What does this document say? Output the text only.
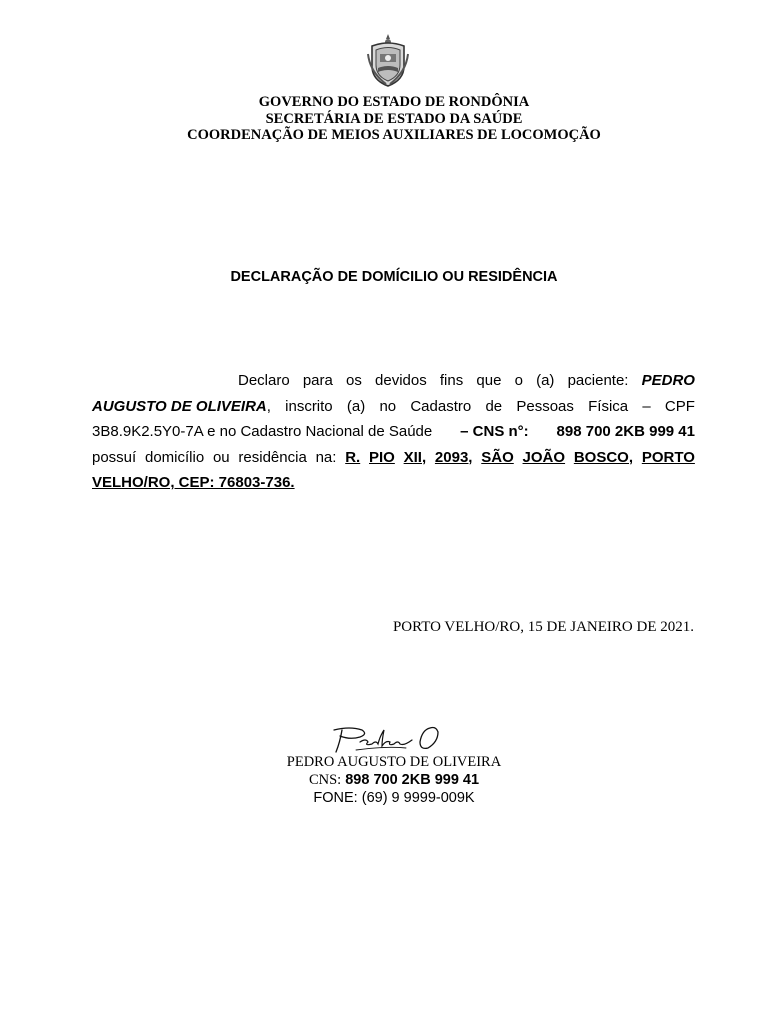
GOVERNO DO ESTADO DE RONDÔNIA
SECRETÁRIA DE ESTADO DA SAÚDE
COORDENAÇÃO DE MEIOS AUXILIARES DE LOCOMOÇÃO
DECLARAÇÃO DE DOMÍCILIO OU RESIDÊNCIA
Declaro para os devidos fins que o (a) paciente: PEDRO
AUGUSTO DE OLIVEIRA, inscrito (a) no Cadastro de Pessoas Física – CPF
3B8.9K2.5Y0-7A e no Cadastro Nacional de Saúde – CNS n°: 898 700 2KB 999 41
possuí domicílio ou residência na: R. PIO XII, 2093, SÃO JOÃO BOSCO, PORTO
VELHO/RO, CEP: 76803-736.
PORTO VELHO/RO, 15 DE JANEIRO DE 2021.
PEDRO AUGUSTO DE OLIVEIRA
CNS: 898 700 2KB 999 41
FONE: (69) 9 9999-009K
